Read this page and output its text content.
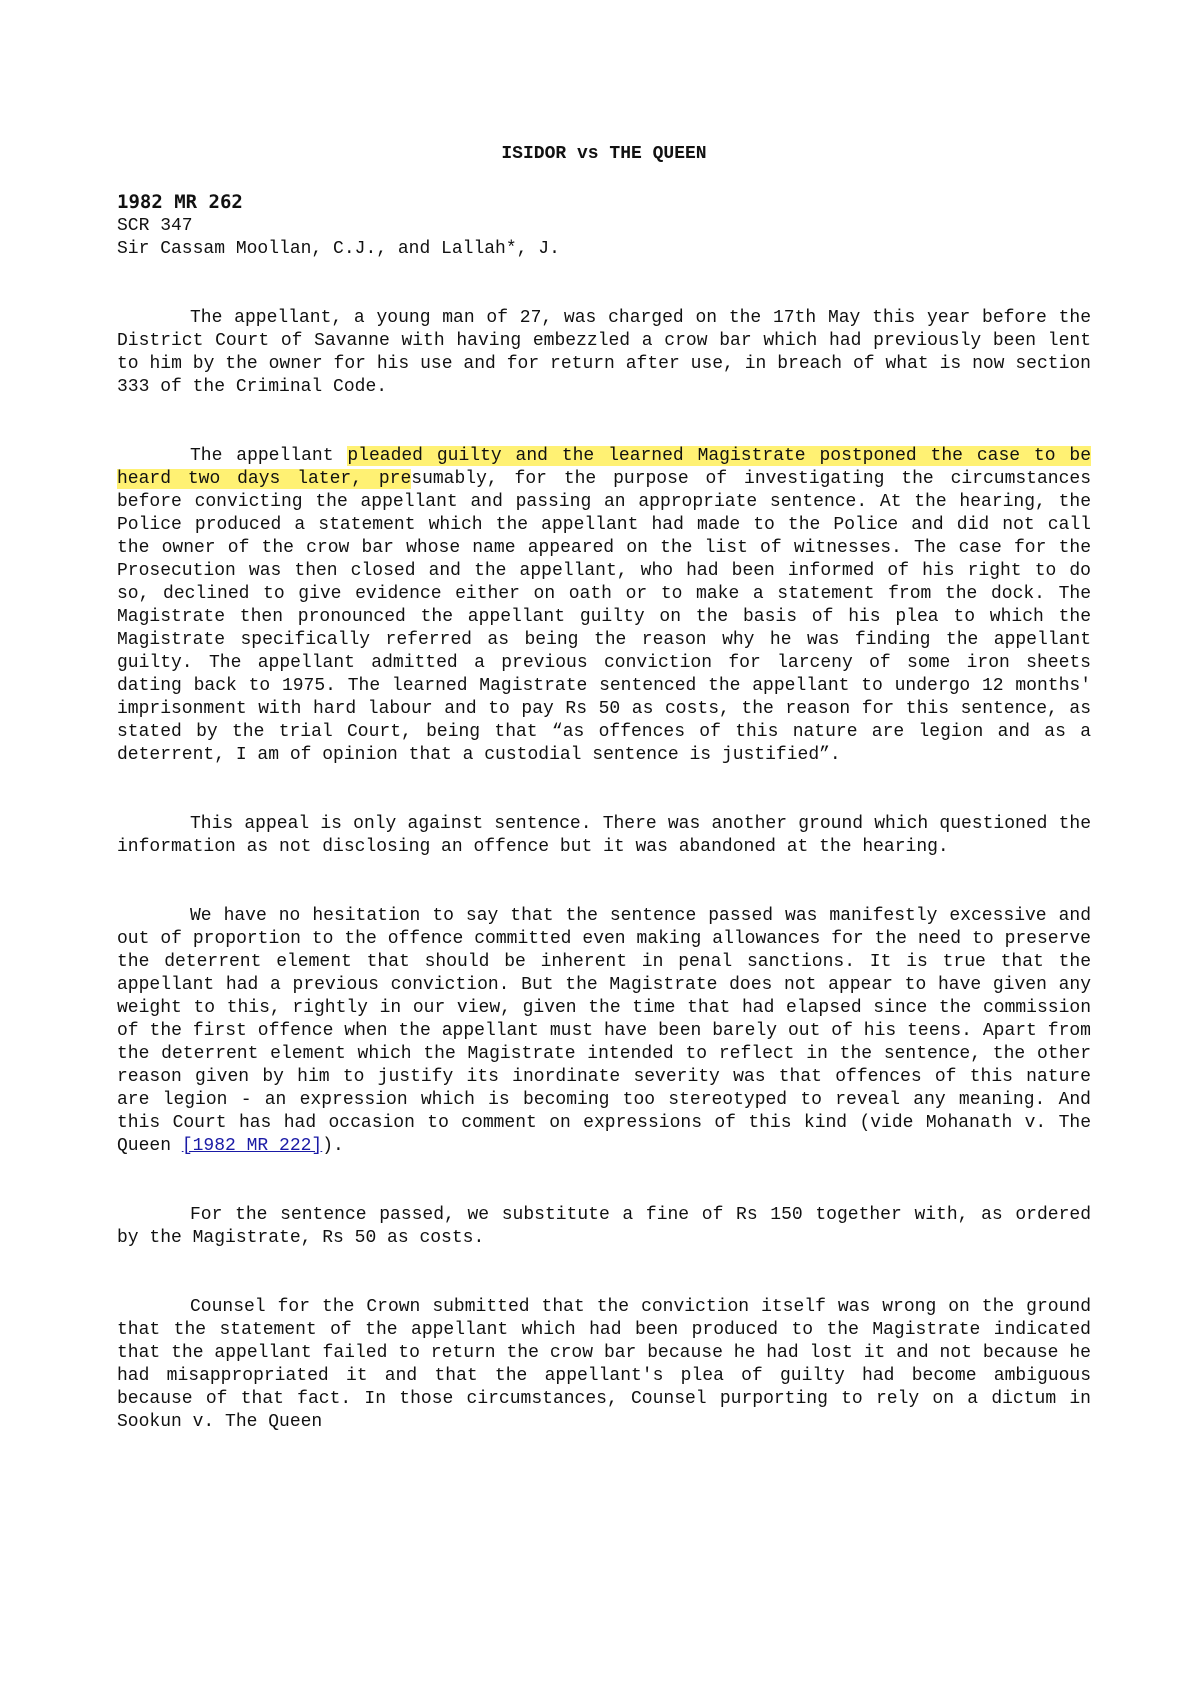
ISIDOR vs THE QUEEN
1982 MR 262
SCR 347
Sir Cassam Moollan, C.J., and Lallah*, J.

The appellant, a young man of 27, was charged on the 17th May this year before the District Court of Savanne with having embezzled a crow bar which had previously been lent to him by the owner for his use and for return after use, in breach of what is now section 333 of the Criminal Code.

The appellant pleaded guilty and the learned Magistrate postponed the case to be heard two days later, presumably, for the purpose of investigating the circumstances before convicting the appellant and passing an appropriate sentence. At the hearing, the Police produced a statement which the appellant had made to the Police and did not call the owner of the crow bar whose name appeared on the list of witnesses. The case for the Prosecution was then closed and the appellant, who had been informed of his right to do so, declined to give evidence either on oath or to make a statement from the dock. The Magistrate then pronounced the appellant guilty on the basis of his plea to which the Magistrate specifically referred as being the reason why he was finding the appellant guilty. The appellant admitted a previous conviction for larceny of some iron sheets dating back to 1975. The learned Magistrate sentenced the appellant to undergo 12 months' imprisonment with hard labour and to pay Rs 50 as costs, the reason for this sentence, as stated by the trial Court, being that “as offences of this nature are legion and as a deterrent, I am of opinion that a custodial sentence is justified”.

This appeal is only against sentence. There was another ground which questioned the information as not disclosing an offence but it was abandoned at the hearing.

We have no hesitation to say that the sentence passed was manifestly excessive and out of proportion to the offence committed even making allowances for the need to preserve the deterrent element that should be inherent in penal sanctions. It is true that the appellant had a previous conviction. But the Magistrate does not appear to have given any weight to this, rightly in our view, given the time that had elapsed since the commission of the first offence when the appellant must have been barely out of his teens. Apart from the deterrent element which the Magistrate intended to reflect in the sentence, the other reason given by him to justify its inordinate severity was that offences of this nature are legion - an expression which is becoming too stereotyped to reveal any meaning. And this Court has had occasion to comment on expressions of this kind (vide Mohanath v. The Queen [1982 MR 222]).

For the sentence passed, we substitute a fine of Rs 150 together with, as ordered by the Magistrate, Rs 50 as costs.

Counsel for the Crown submitted that the conviction itself was wrong on the ground that the statement of the appellant which had been produced to the Magistrate indicated that the appellant failed to return the crow bar because he had lost it and not because he had misappropriated it and that the appellant's plea of guilty had become ambiguous because of that fact. In those circumstances, Counsel purporting to rely on a dictum in Sookun v. The Queen
